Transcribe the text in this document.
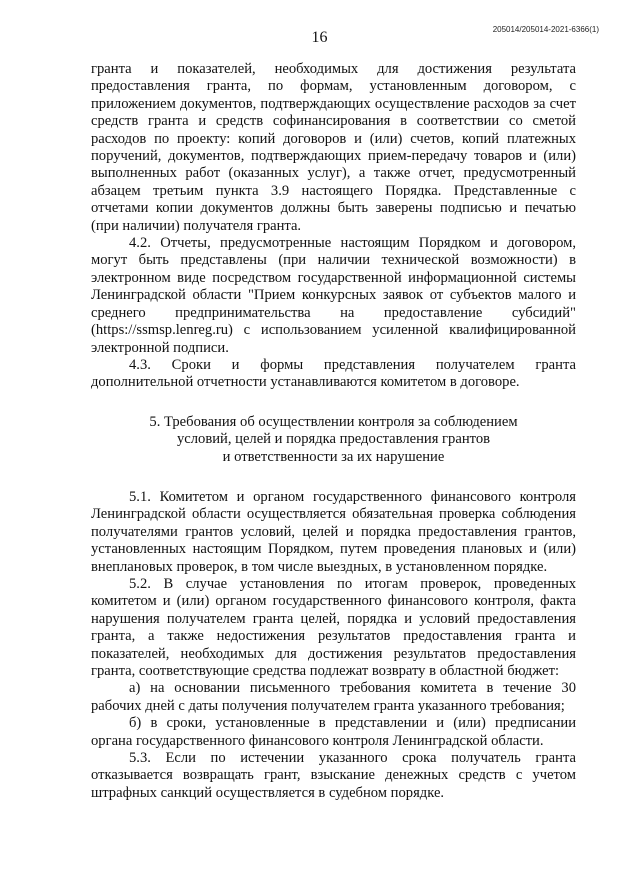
205014/205014-2021-6366(1)
16

гранта и показателей, необходимых для достижения результата предоставления гранта, по формам, установленным договором, с приложением документов, подтверждающих осуществление расходов за счет средств гранта и средств софинансирования в соответствии со сметой расходов по проекту: копий договоров и (или) счетов, копий платежных поручений, документов, подтверждающих прием-передачу товаров и (или) выполненных работ (оказанных услуг), а также отчет, предусмотренный абзацем третьим пункта 3.9 настоящего Порядка. Представленные с отчетами копии документов должны быть заверены подписью и печатью (при наличии) получателя гранта.

4.2. Отчеты, предусмотренные настоящим Порядком и договором, могут быть представлены (при наличии технической возможности) в электронном виде посредством государственной информационной системы Ленинградской области "Прием конкурсных заявок от субъектов малого и среднего предпринимательства на предоставление субсидий" (https://ssmsp.lenreg.ru) с использованием усиленной квалифицированной электронной подписи.

4.3. Сроки и формы представления получателем гранта дополнительной отчетности устанавливаются комитетом в договоре.

5. Требования об осуществлении контроля за соблюдением
условий, целей и порядка предоставления грантов
и ответственности за их нарушение

5.1. Комитетом и органом государственного финансового контроля Ленинградской области осуществляется обязательная проверка соблюдения получателями грантов условий, целей и порядка предоставления грантов, установленных настоящим Порядком, путем проведения плановых и (или) внеплановых проверок, в том числе выездных, в установленном порядке.

5.2. В случае установления по итогам проверок, проведенных комитетом и (или) органом государственного финансового контроля, факта нарушения получателем гранта целей, порядка и условий предоставления гранта, а также недостижения результатов предоставления гранта и показателей, необходимых для достижения результатов предоставления гранта, соответствующие средства подлежат возврату в областной бюджет:

а) на основании письменного требования комитета в течение 30 рабочих дней с даты получения получателем гранта указанного требования;

б) в сроки, установленные в представлении и (или) предписании органа государственного финансового контроля Ленинградской области.

5.3. Если по истечении указанного срока получатель гранта отказывается возвращать грант, взыскание денежных средств с учетом штрафных санкций осуществляется в судебном порядке.
